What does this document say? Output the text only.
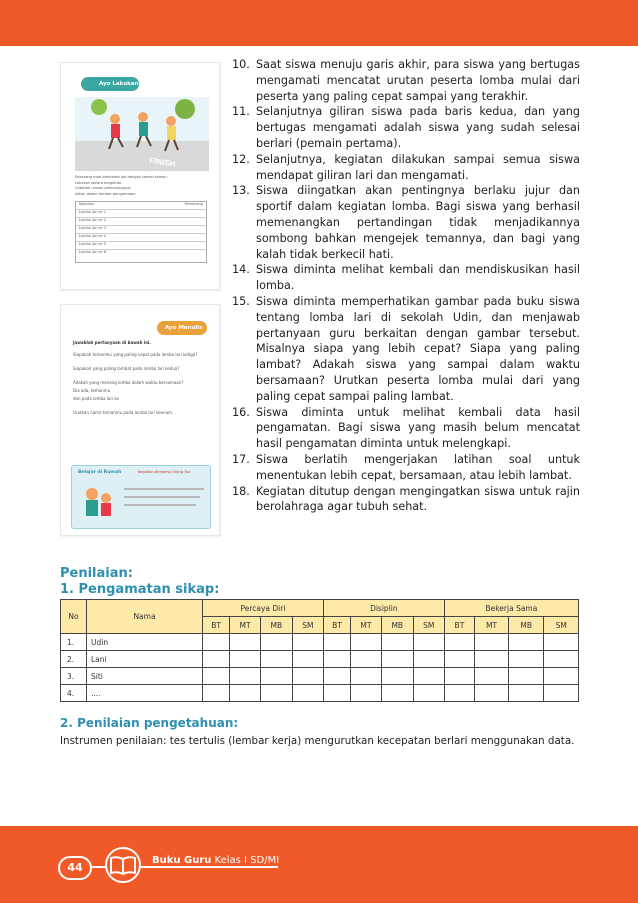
Ayo Lakukan
FINISH
Sekarang mari berlomba lari dengan teman-teman.
Lakukan secara bergiliran.
Catatlah urutan pemenangnya.
Isikan dalam lembar pengamatan.
Kejadian	Pemenang
Lomba lari ke 1
Lomba lari ke 2
Lomba lari ke 3
Lomba lari ke 4
Lomba lari ke 5
Lomba lari ke 6
Ayo Menulis
Jawablah pertanyaan di bawah ini.
Siapakah temanmu yang paling cepat pada lomba lari ketiga?
Siapakah yang paling lambat pada lomba lari kedua?
Adakah yang menang lomba dalam waktu bersamaan?
Dia ada, temanmu
dan pada lomba lari ke
Urutkan nama temanmu pada lomba lari keenam.
Belajar di Rumah	Kegiatan Bersama Orang Tua
10. Saat siswa menuju garis akhir, para siswa yang bertugas mengamati mencatat urutan peserta lomba mulai dari peserta yang paling cepat sampai yang terakhir.
11. Selanjutnya giliran siswa pada baris kedua, dan yang bertugas mengamati adalah siswa yang sudah selesai berlari (pemain pertama).
12. Selanjutnya, kegiatan dilakukan sampai semua siswa mendapat giliran lari dan mengamati.
13. Siswa diingatkan akan pentingnya berlaku jujur dan sportif dalam kegiatan lomba. Bagi siswa yang berhasil memenangkan pertandingan tidak menjadikannya sombong bahkan mengejek temannya, dan bagi yang kalah tidak berkecil hati.
14. Siswa diminta melihat kembali dan mendiskusikan hasil lomba.
15. Siswa diminta memperhatikan gambar pada buku siswa tentang lomba lari di sekolah Udin, dan menjawab pertanyaan guru berkaitan dengan gambar tersebut. Misalnya siapa yang lebih cepat? Siapa yang paling lambat? Adakah siswa yang sampai dalam waktu bersamaan? Urutkan peserta lomba mulai dari yang paling cepat sampai paling lambat.
16. Siswa diminta untuk melihat kembali data hasil pengamatan. Bagi siswa yang masih belum mencatat hasil pengamatan diminta untuk melengkapi.
17. Siswa berlatih mengerjakan latihan soal untuk menentukan lebih cepat, bersamaan, atau lebih lambat.
18. Kegiatan ditutup dengan mengingatkan siswa untuk rajin berolahraga agar tubuh sehat.
Penilaian:
1. Pengamatan sikap:
No	Nama	Percaya Diri				Disiplin				Bekerja Sama			
		BT	MT	MB	SM	BT	MT	MB	SM	BT	MT	MB	SM
1.	Udin												
2.	Lani												
3.	Siti												
4.	....												
2. Penilaian pengetahuan:
Instrumen penilaian: tes tertulis (lembar kerja) mengurutkan kecepatan berlari menggunakan data.
44
Buku Guru Kelas I SD/MI
